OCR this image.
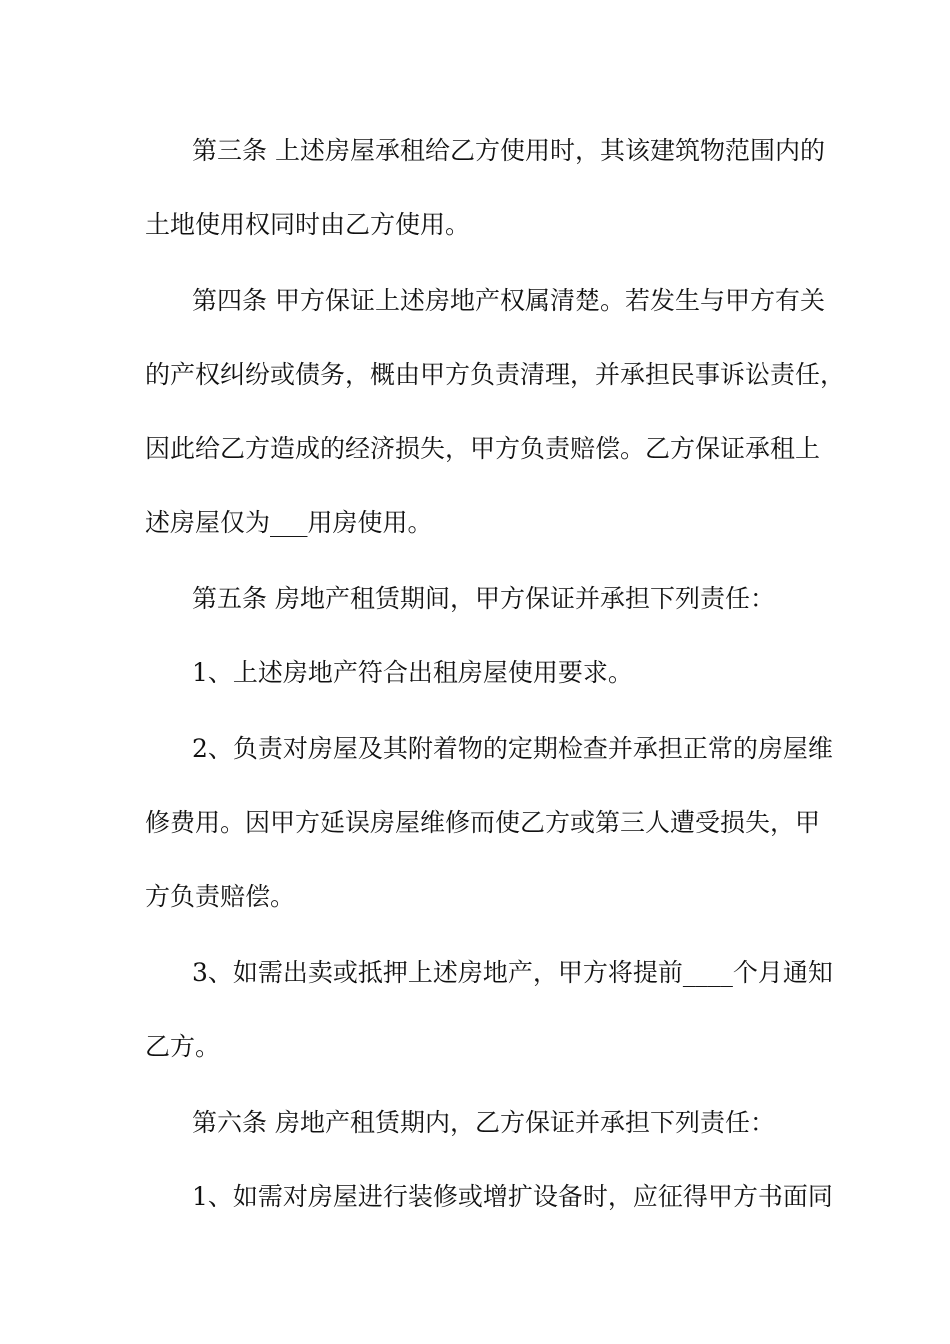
第三条 上述房屋承租给乙方使用时，其该建筑物范围内的
土地使用权同时由乙方使用。
第四条 甲方保证上述房地产权属清楚。若发生与甲方有关
的产权纠纷或债务，概由甲方负责清理，并承担民事诉讼责任，
因此给乙方造成的经济损失，甲方负责赔偿。乙方保证承租上
述房屋仅为___用房使用。
第五条 房地产租赁期间，甲方保证并承担下列责任：
1、上述房地产符合出租房屋使用要求。
2、负责对房屋及其附着物的定期检查并承担正常的房屋维
修费用。因甲方延误房屋维修而使乙方或第三人遭受损失，甲
方负责赔偿。
3、如需出卖或抵押上述房地产，甲方将提前____个月通知
乙方。
第六条 房地产租赁期内，乙方保证并承担下列责任：
1、如需对房屋进行装修或增扩设备时，应征得甲方书面同
